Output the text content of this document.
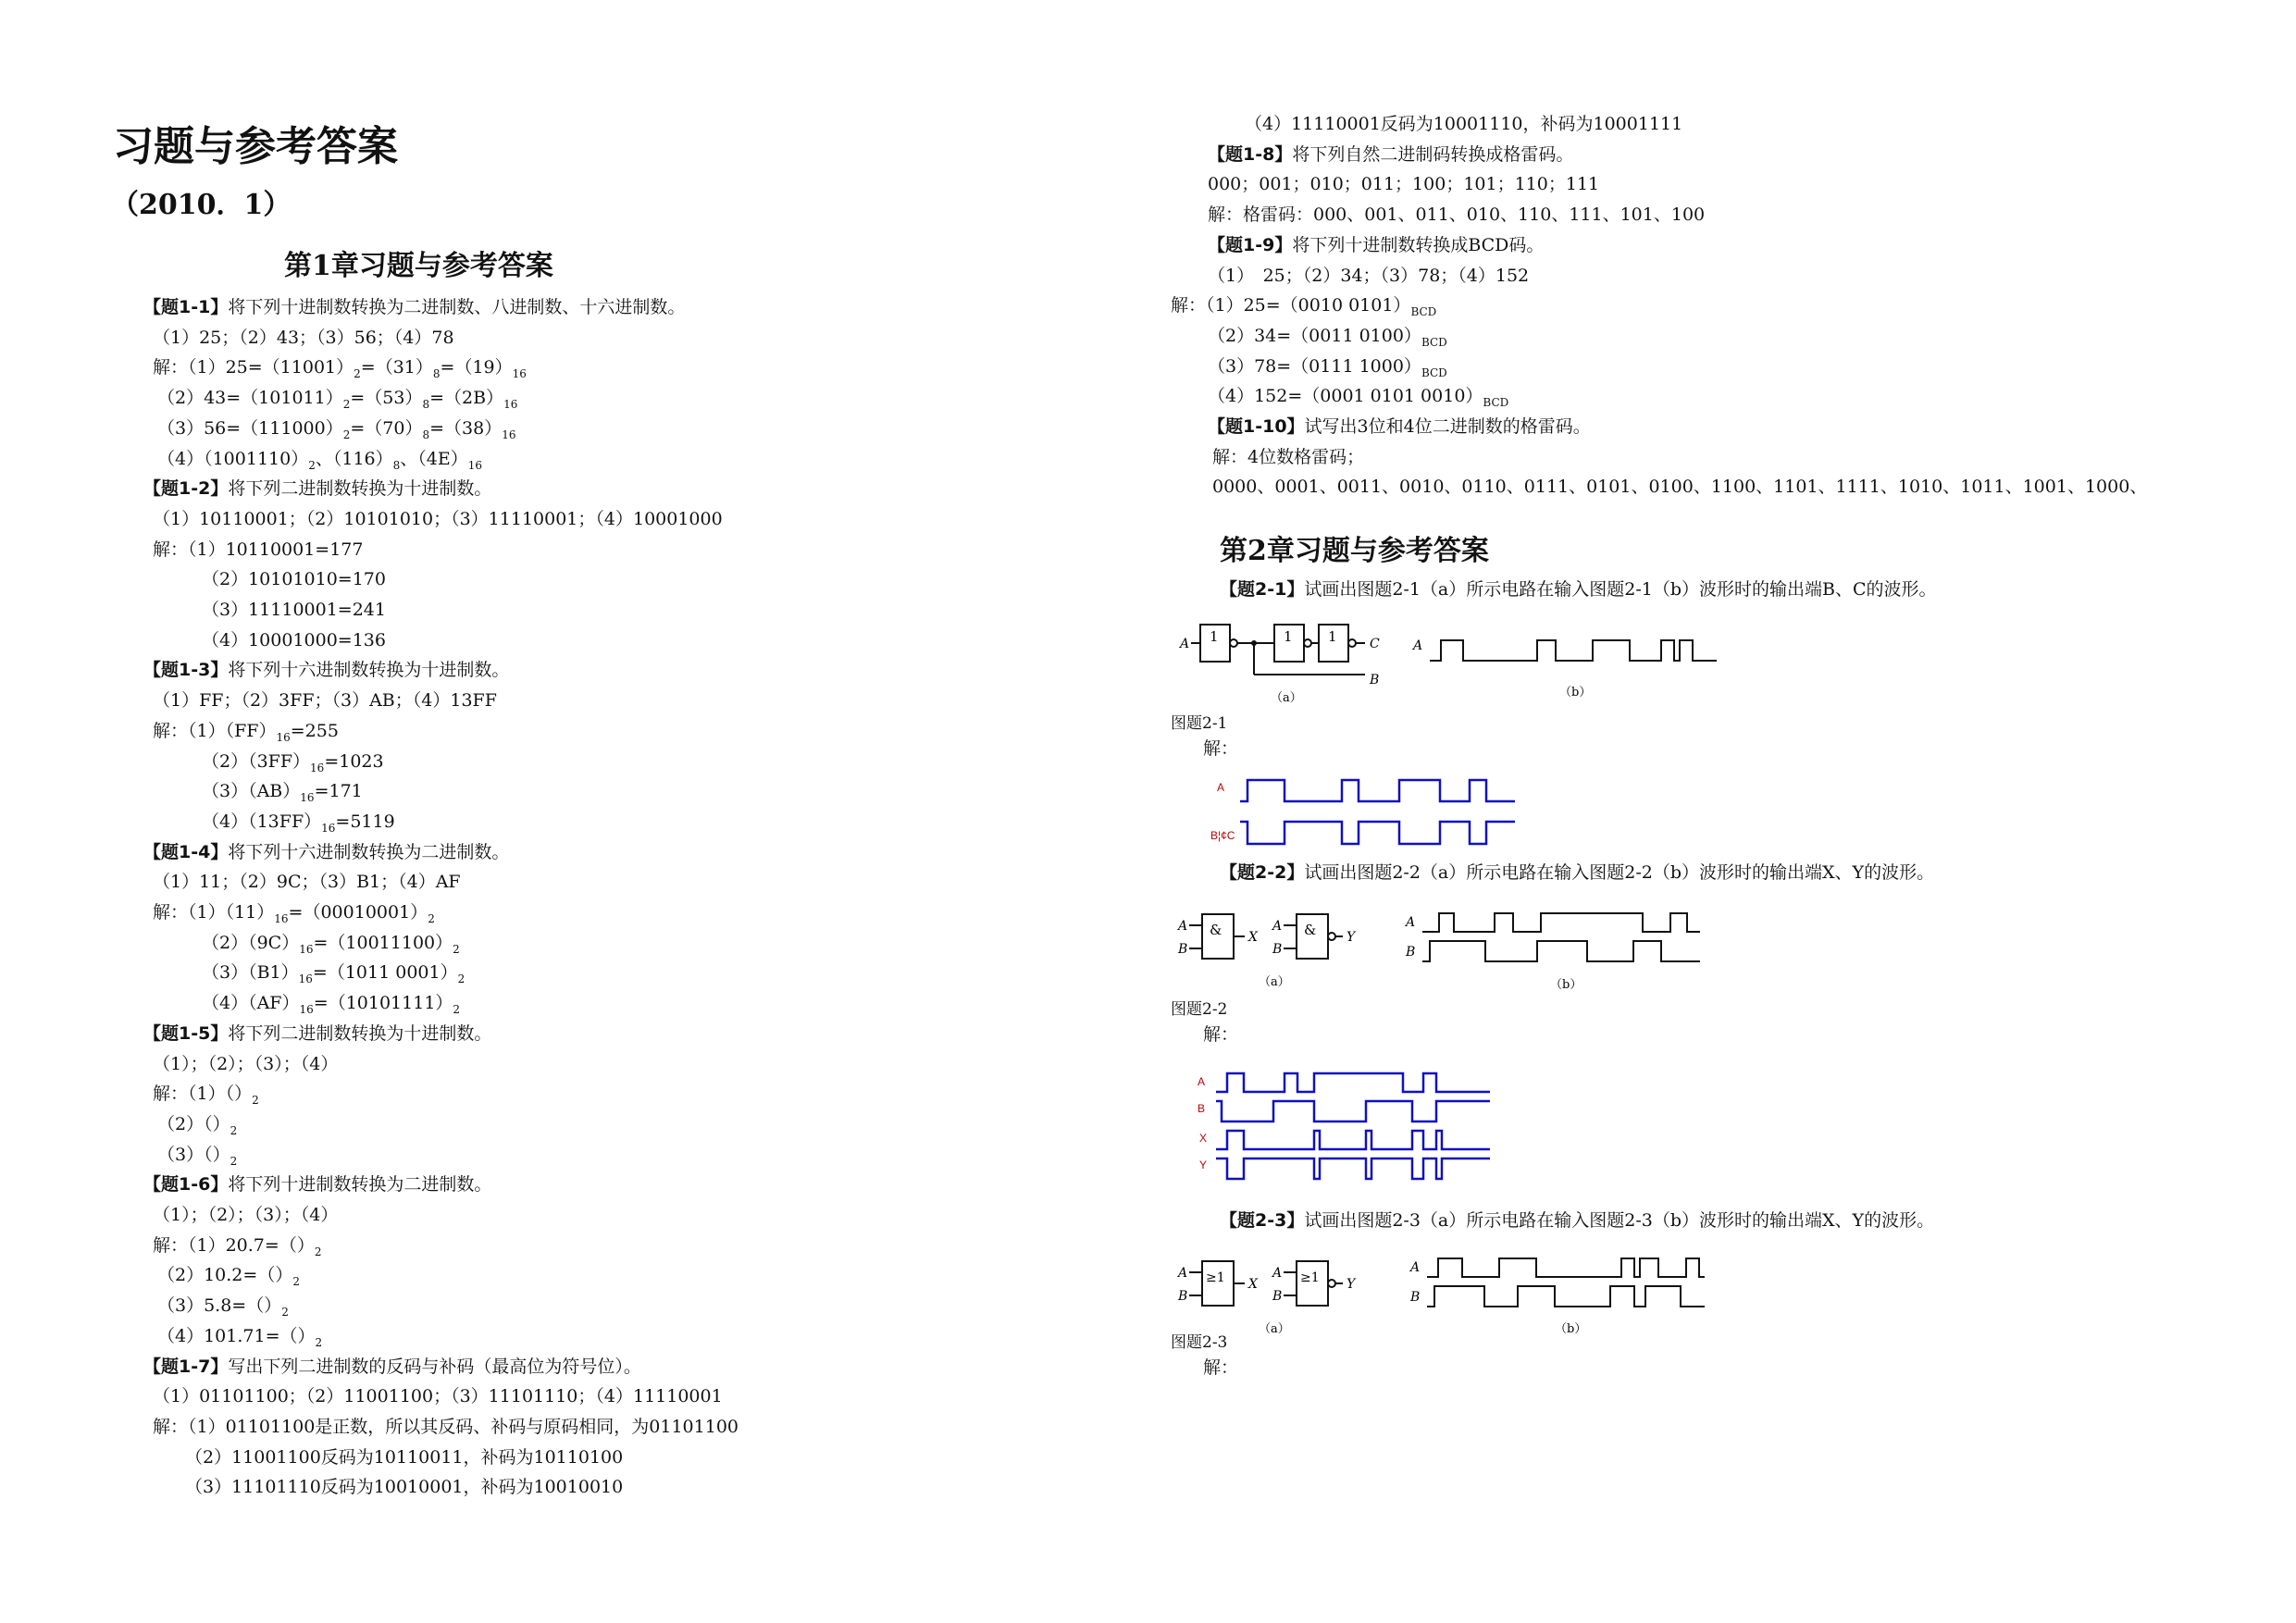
习题与参考答案
（2010．1）
第1章习题与参考答案
【题1-1】将下列十进制数转换为二进制数、八进制数、十六进制数。
（1）25；（2）43；（3）56；（4）78
解：$(1)25=(11001)_2=(31)_8=(19)_{16}$
$(2)43=(101011)_2=(53)_8=(2B)_{16}$
$(3)56=(111000)_2=(70)_8=(38)_{16}$
$(4)(1001110)_2$、$(116)_8$、$(4E)_{16}$
【题1-2】将下列二进制数转换为十进制数。
（1）10110001；（2）10101010；（3）11110001；（4）10001000
解：（1）10110001=177
（2）10101010=170
（3）11110001=241
（4）10001000=136
【题1-3】将下列十六进制数转换为十进制数。
（1）FF；（2）3FF；（3）AB；（4）13FF
解：$(1)(FF)_{16}=255$
$(2)(3FF)_{16}=1023$
$(3)(AB)_{16}=171$
$(4)(13FF)_{16}=5119$
【题1-4】将下列十六进制数转换为二进制数。
（1）11；（2）9C；（3）B1；（4）AF
解：$(1)(11)_{16}=(00010001)_2$
$(2)(9C)_{16}=(10011100)_2$
$(3)(B1)_{16}=(1011$ $0001)_2$
$(4)(AF)_{16}=(10101111)_2$
【题1-5】将下列二进制数转换为十进制数。
（1）；（2）；（3）；（4）
解：$(1)()_2$
$(2)()_2$
$(3)()_2$
【题1-6】将下列十进制数转换为二进制数。
（1）；（2）；（3）；（4）
解：$(1)20.7=()_2$
$(2)10.2=()_2$
$(3)5.8=()_2$
$(4)101.71=()_2$
【题1-7】写出下列二进制数的反码与补码（最高位为符号位）。
（1）01101100；（2）11001100；（3）11101110；（4）11110001
解：（1）01101100是正数，所以其反码、补码与原码相同，为01101100
（2）11001100反码为10110011，补码为10110100
（3）11101110反码为10010001，补码为10010010
（4）11110001反码为10001110，补码为10001111
【题1-8】将下列自然二进制码转换成格雷码。
000；001；010；011；100；101；110；111
解：格雷码：000、001、011、010、110、111、101、100
【题1-9】将下列十进制数转换成BCD码。
（1）　25；（2）34；（3）78；（4）152
解：（1）25=（0010 $0101)_{BCD}$
（2）34=（0011 $0100)_{BCD}$
（3）78=（0111 $1000)_{BCD}$
（4）152=（0001 0101 $0010)_{BCD}$
【题1-10】试写出3位和4位二进制数的格雷码。
解：4位数格雷码；
0000、0001、0011、0010、0110、0111、0101、0100、1100、1101、1111、1010、1011、1001、1000、
第2章习题与参考答案
【题2-1】试画出图题2-1（a）所示电路在输入图题2-1（b）波形时的输出端B、C的波形。
A 1	1	1	C
B
（a）
A
（b）
图题2-1
解：
A
B¦¢C
【题2-2】试画出图题2-2（a）所示电路在输入图题2-2（b）波形时的输出端X、Y的波形。
A
B
& X
A
B
& Y
（a）
A
B
（b）
图题2-2
解：
A
B
X
Y
【题2-3】试画出图题2-3（a）所示电路在输入图题2-3（b）波形时的输出端X、Y的波形。
A
B
≥1 X
A
B
≥1 Y
（a）
A
B
（b）
图题2-3
解：
